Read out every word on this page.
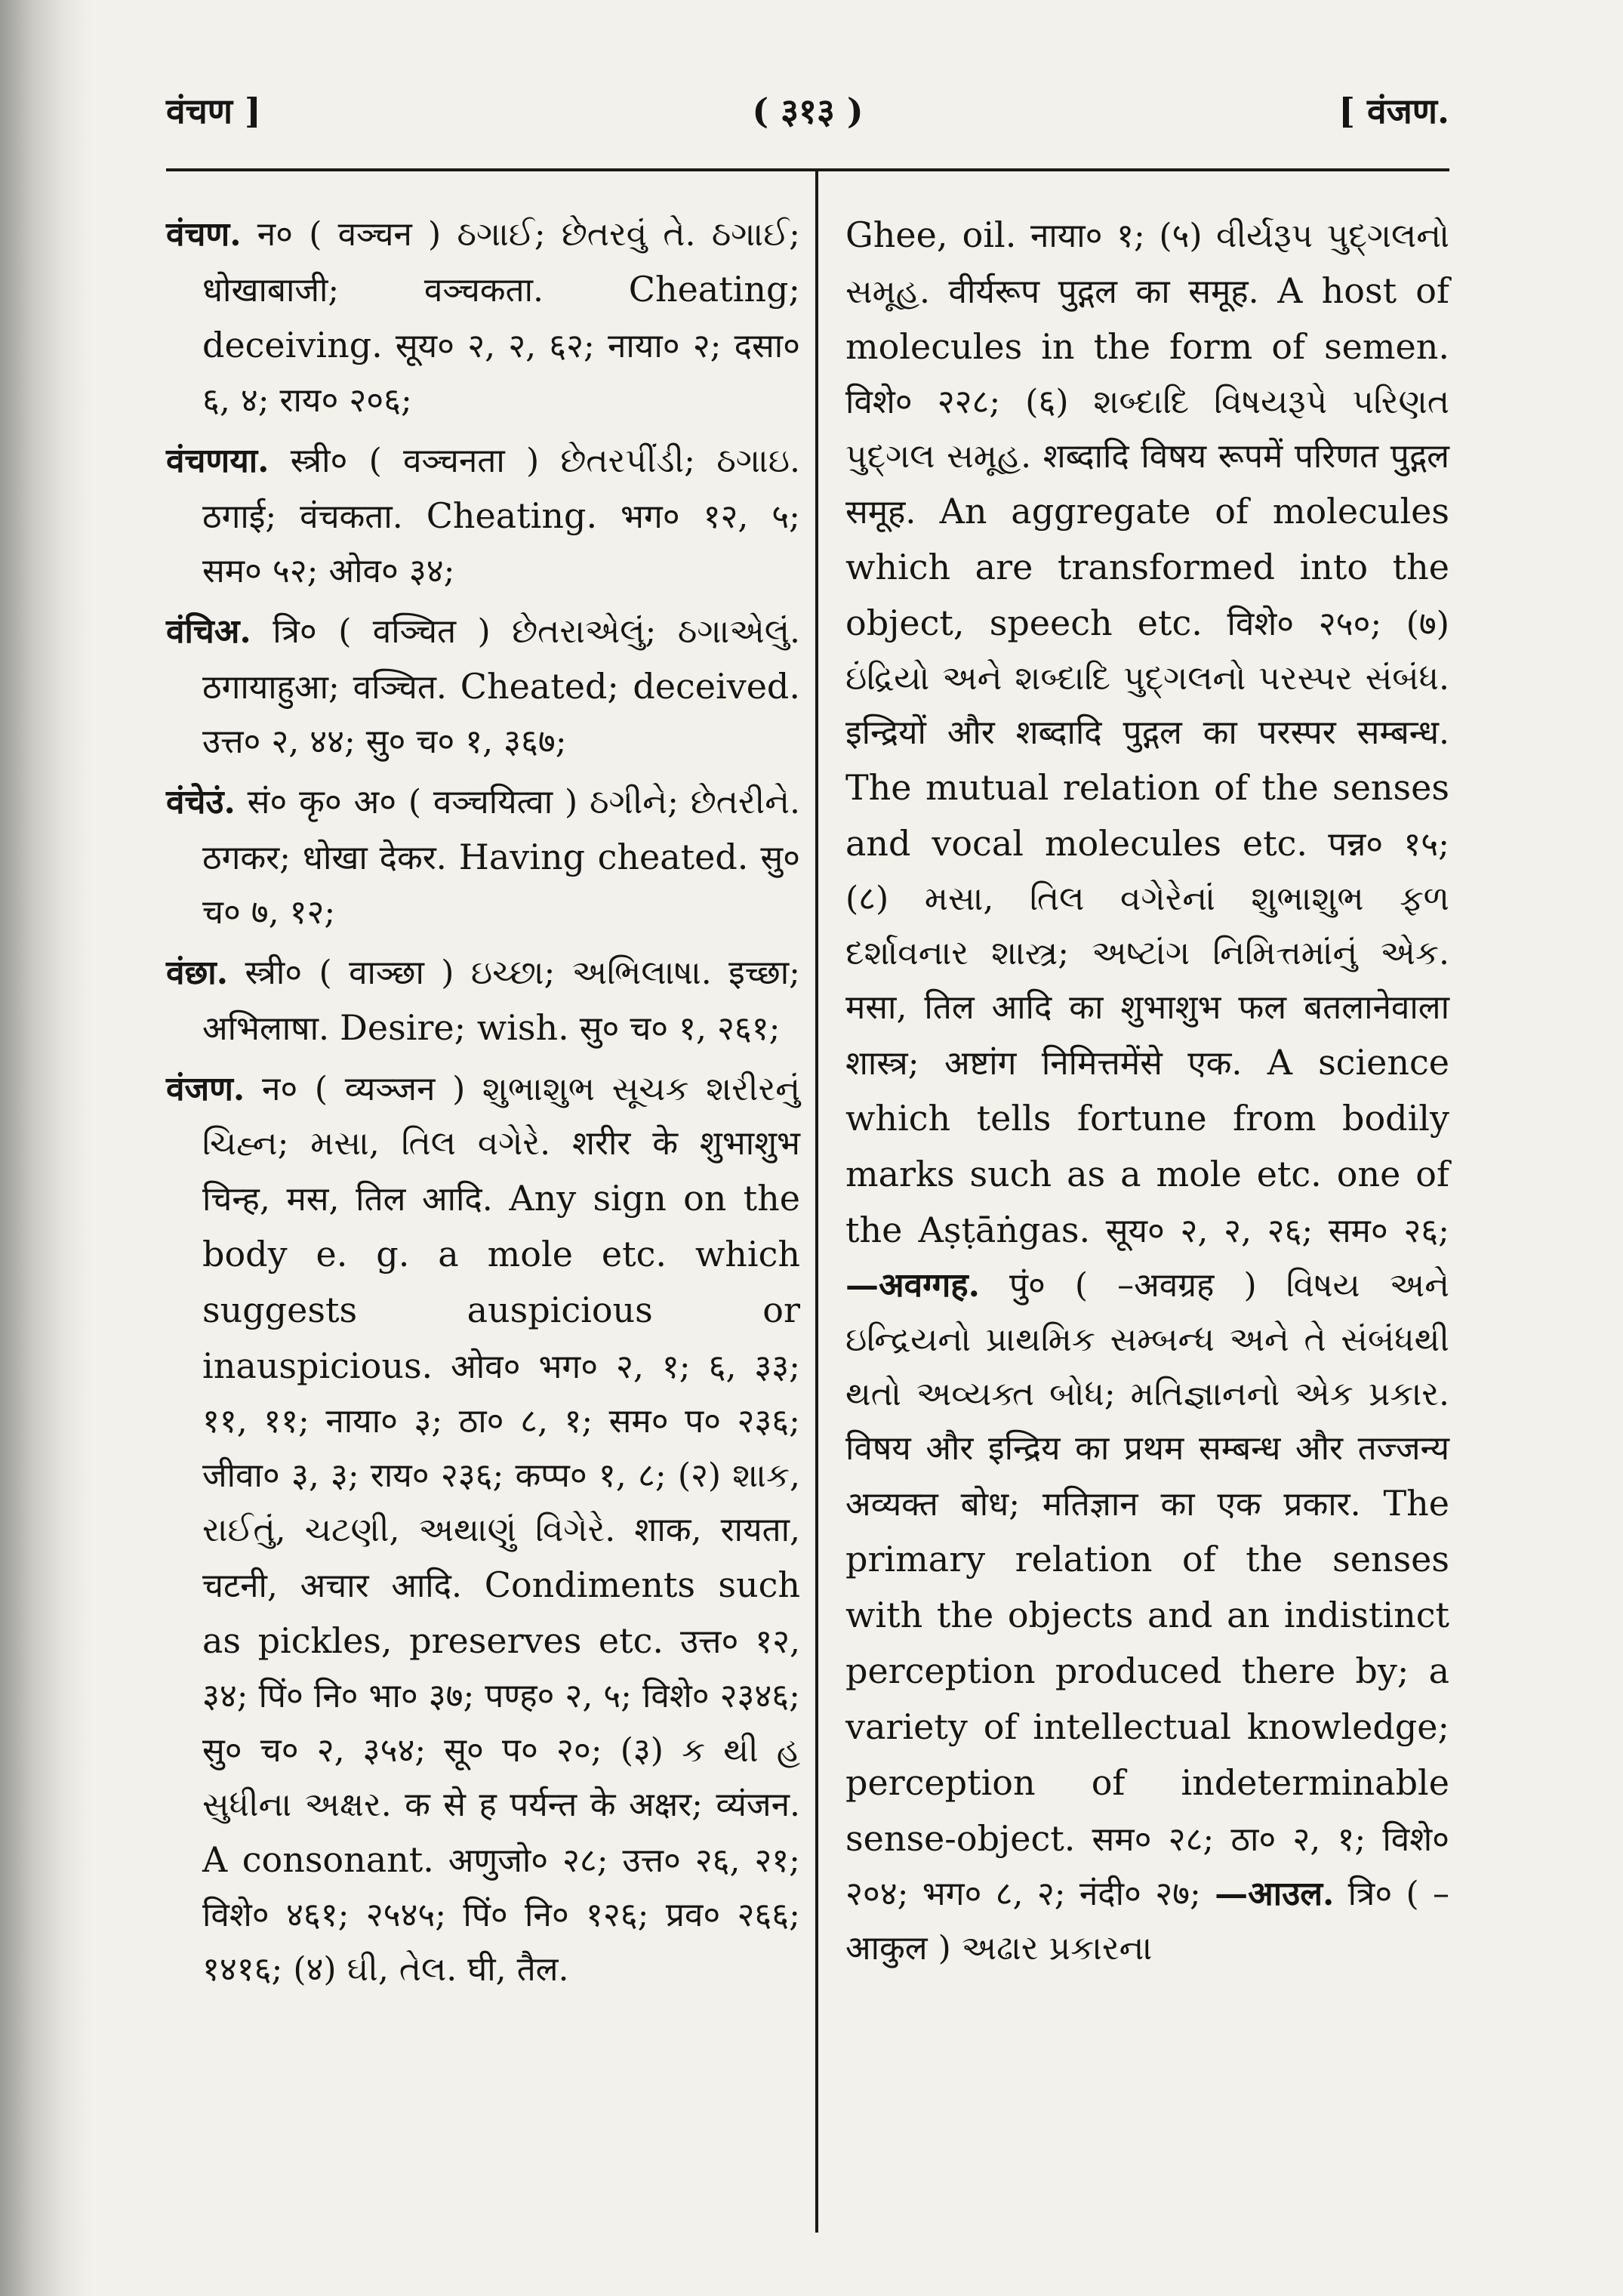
वंचण ]	( ३१३ )	[ वंजण.

वंचण. न० ( वञ्चन ) ઠગાઈ; છેતરવું તે. ઠગાઈ; धोखाबाजी; वञ्चकता. Cheating; deceiving. सूय० २, २, ६२; नाया० २; दसा० ६, ४; राय० २०६;

वंचणया. स्त्री० ( वञ्चनता ) છેતરપીંડી; ઠગાઇ. ठगाई; वंचकता. Cheating. भग० १२, ५; सम० ५२; ओव० ३४;

वंचिअ. त्रि० ( वञ्चित ) છેતરાએલું; ઠગાએલું. ठगायाहुआ; वञ्चित. Cheated; deceived. उत्त० २, ४४; सु० च० १, ३६७;

वंचेउं. सं० कृ० अ० ( वञ्चयित्वा ) ઠગીને; છેતરીને. ठगकर; धोखा देकर. Having cheated. सु० च० ७, १२;

वंछा. स्त्री० ( वाञ्छा ) ઇચ્છા; અભિલાષા. इच्छा; अभिलाषा. Desire; wish. सु० च० १, २६१;

वंजण. न० ( व्यञ्जन ) શુભાશુભ સૂચક શરીરનું ચિહ્ન; મસા, તિલ વગેરે. शरीर के शुभाशुभ चिन्ह, मस, तिल आदि. Any sign on the body e. g. a mole etc. which suggests auspicious or inauspicious. ओव० भग० २, १; ६, ३३; ११, ११; नाया० ३; ठा० ८, १; सम० प० २३६; जीवा० ३, ३; राय० २३६; कप्प० १, ८; (२) શાક, રાઈતું, ચટણી, અથાણું વિગેરે. शाक, रायता, चटनी, अचार आदि. Condiments such as pickles, preserves etc. उत्त० १२, ३४; पिं० नि० भा० ३७; पण्ह० २, ५; विशे० २३४६; सु० च० २, ३५४; सू० प० २०; (३) ક થી હ સુધીના અક્ષર. क से ह पर्यन्त के अक्षर; व्यंजन. A consonant. अणुजो० २८; उत्त० २६, २१; विशे० ४६१; २५४५; पिं० नि० १२६; प्रव० २६६; १४१६; (४) ઘી, તેલ. घी, तैल.

Ghee, oil. नाया० १; (५) વીર્યરૂપ પુદ્ગલનો સમૂહ. वीर्यरूप पुद्गल का समूह. A host of molecules in the form of semen. विशे० २२८; (६) શબ્દાદિ વિષયરૂપે પરિણત પુદ્ગલ સમૂહ. शब्दादि विषय रूपमें परिणत पुद्गल समूह. An aggregate of molecules which are transformed into the object, speech etc. विशे० २५०; (७) ઇંદ્રિયો અને શબ્દાદિ પુદ્ગલનો પરસ્પર સંબંધ. इन्द्रियों और शब्दादि पुद्गल का परस्पर सम्बन्ध. The mutual relation of the senses and vocal molecules etc. पन्न० १५; (८) મસા, તિલ વગેરેનાં શુભાશુભ ફળ દર્શાવનાર શાસ્ત્ર; અષ્ટાંગ નિમિત્તમાંનું એક. मसा, तिल आदि का शुभाशुभ फल बतलानेवाला शास्त्र; अष्टांग निमित्तमेंसे एक. A science which tells fortune from bodily marks such as a mole etc. one of the Aṣṭāṅgas. सूय० २, २, २६; सम० २६; —अवग्गह. पुं० ( –अवग्रह ) વિષય અને ઇન્દ્રિયનો પ્રાથમિક સમ્બન્ધ અને તે સંબંધથી થતો અવ્યક્ત બોધ; મતિજ્ઞાનનો એક પ્રકાર. विषय और इन्द्रिय का प्रथम सम्बन्ध और तज्जन्य अव्यक्त बोध; मतिज्ञान का एक प्रकार. The primary relation of the senses with the objects and an indistinct perception produced there by; a variety of intellectual knowledge; perception of indeterminable sense-object. सम० २८; ठा० २, १; विशे० २०४; भग० ८, २; नंदी० २७; —आउल. त्रि० ( –आकुल ) અઢાર પ્રકારના
